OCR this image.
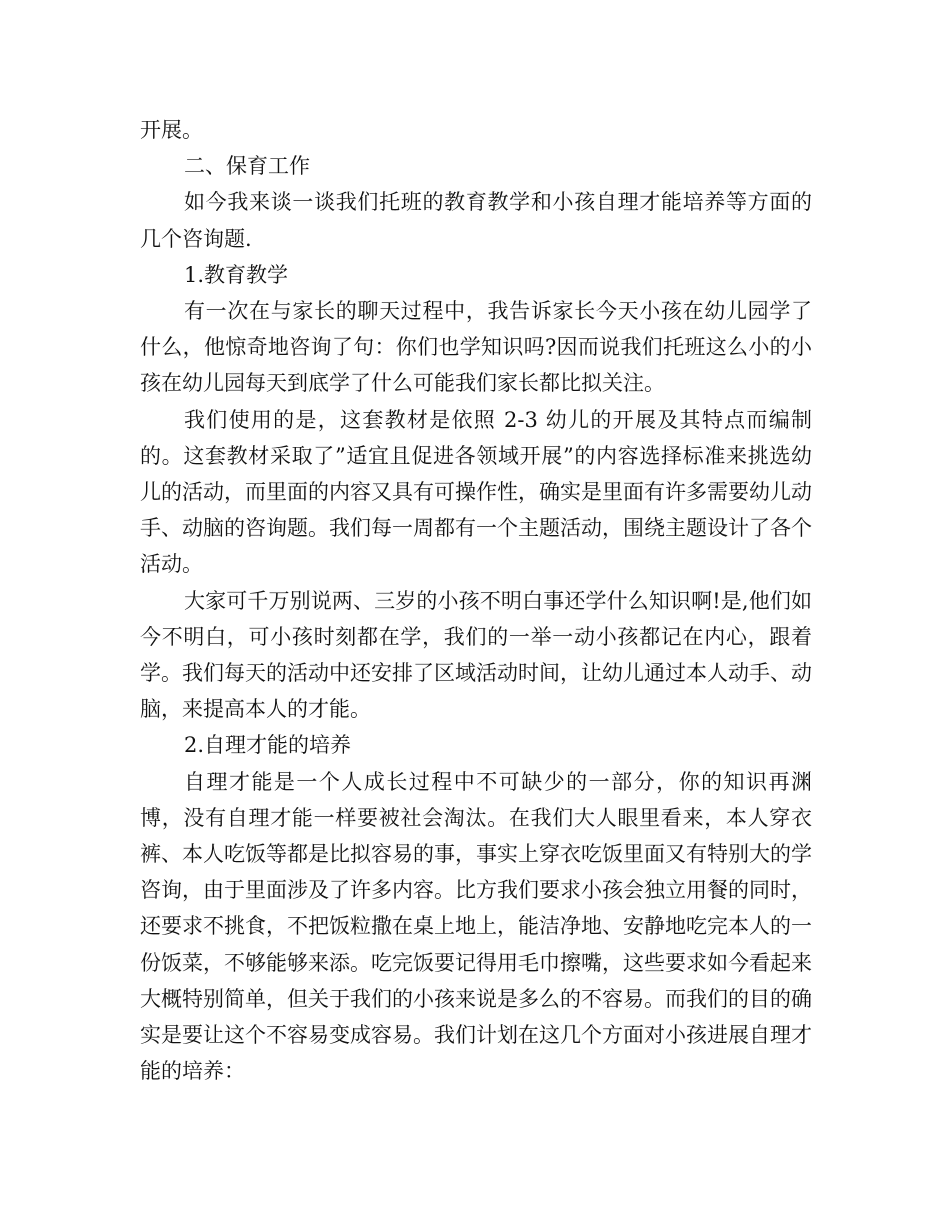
开展。

二、保育工作

如今我来谈一谈我们托班的教育教学和小孩自理才能培养等方面的几个咨询题.

1.教育教学

有一次在与家长的聊天过程中，我告诉家长今天小孩在幼儿园学了什么，他惊奇地咨询了句：你们也学知识吗?因而说我们托班这么小的小孩在幼儿园每天到底学了什么可能我们家长都比拟关注。

我们使用的是，这套教材是依照 2-3 幼儿的开展及其特点而编制的。这套教材采取了”适宜且促进各领域开展”的内容选择标准来挑选幼儿的活动，而里面的内容又具有可操作性，确实是里面有许多需要幼儿动手、动脑的咨询题。我们每一周都有一个主题活动，围绕主题设计了各个活动。

大家可千万别说两、三岁的小孩不明白事还学什么知识啊!是,他们如今不明白，可小孩时刻都在学，我们的一举一动小孩都记在内心，跟着学。我们每天的活动中还安排了区域活动时间，让幼儿通过本人动手、动脑，来提高本人的才能。

2.自理才能的培养

自理才能是一个人成长过程中不可缺少的一部分，你的知识再渊博，没有自理才能一样要被社会淘汰。在我们大人眼里看来，本人穿衣裤、本人吃饭等都是比拟容易的事，事实上穿衣吃饭里面又有特别大的学咨询，由于里面涉及了许多内容。比方我们要求小孩会独立用餐的同时，还要求不挑食，不把饭粒撒在桌上地上，能洁净地、安静地吃完本人的一份饭菜，不够能够来添。吃完饭要记得用毛巾擦嘴，这些要求如今看起来大概特别简单，但关于我们的小孩来说是多么的不容易。而我们的目的确实是要让这个不容易变成容易。我们计划在这几个方面对小孩进展自理才能的培养：
